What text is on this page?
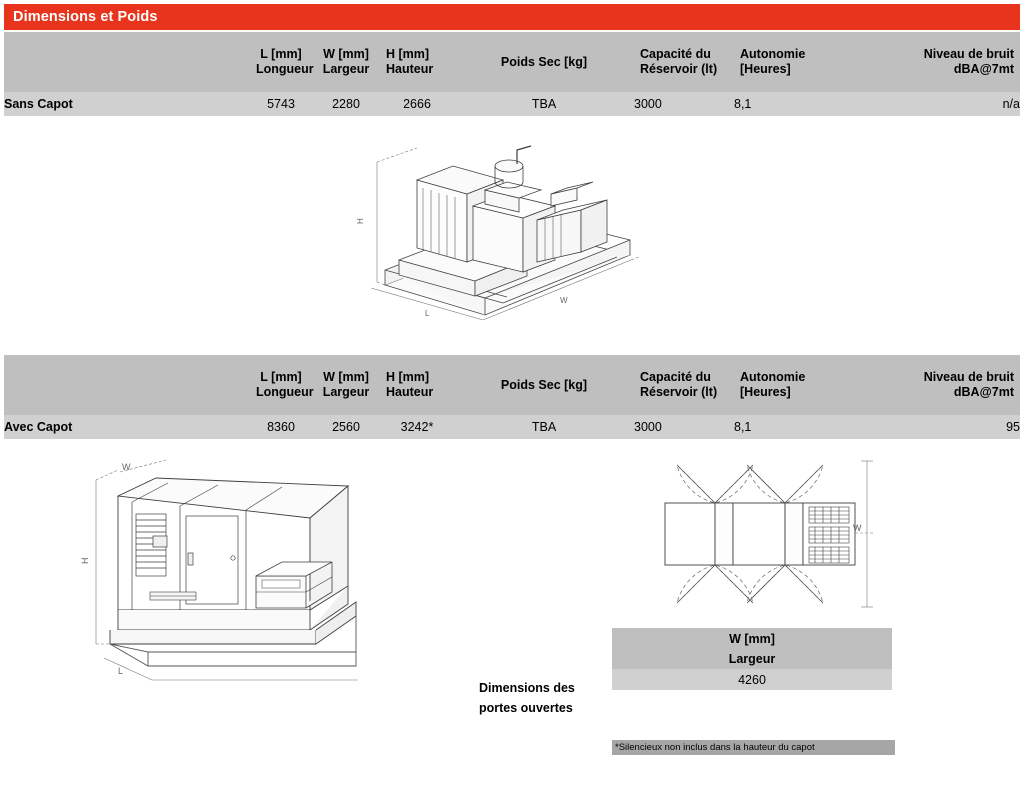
Dimensions et Poids

	L [mm]
Longueur	W [mm]
Largeur	H [mm]
Hauteur	Poids Sec [kg]	Capacité du
Réservoir (lt)	Autonomie
[Heures]	Niveau de bruit
dBA@7mt

Sans Capot	5743	2280	2666	TBA	3000	8,1	n/a
H
L
W

	L [mm]
Longueur	W [mm]
Largeur	H [mm]
Hauteur	Poids Sec [kg]	Capacité du
Réservoir (lt)	Autonomie
[Heures]	Niveau de bruit
dBA@7mt

Avec Capot	8360	2560	3242*	TBA	3000	8,1	95
H
L
W
W
Dimensions des
portes ouvertes
W [mm]
Largeur

4260
*Silencieux non inclus dans la hauteur du capot
